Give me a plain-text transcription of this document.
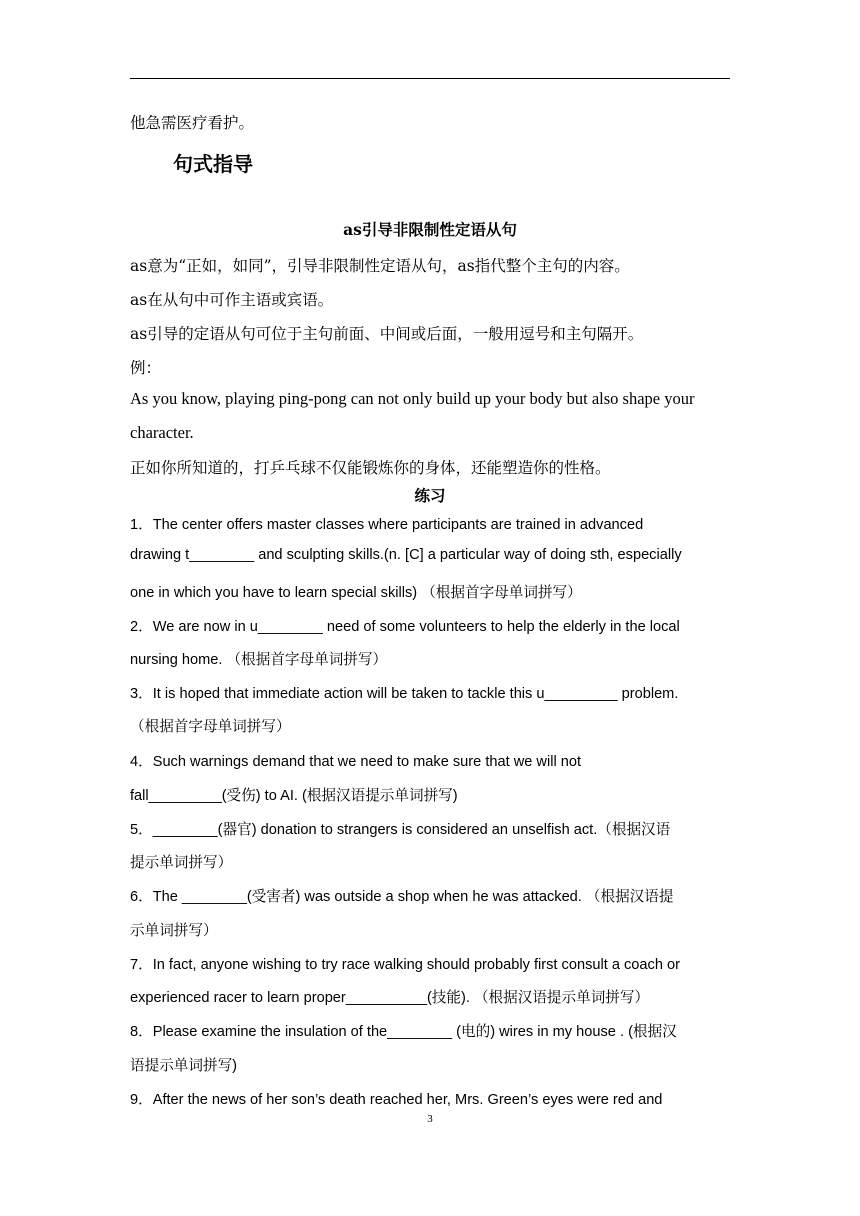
他急需医疗看护。
句式指导
as引导非限制性定语从句
as意为“正如，如同”，引导非限制性定语从句，as指代整个主句的内容。
as在从句中可作主语或宾语。
as引导的定语从句可位于主句前面、中间或后面，一般用逗号和主句隔开。
例：
As you know, playing ping-pong can not only build up your body but also shape your
character.
正如你所知道的，打乒乓球不仅能锻炼你的身体，还能塑造你的性格。
练习
1．The center offers master classes where participants are trained in advanced
drawing t________ and sculpting skills.(n. [C] a particular way of doing sth, especially
one in which you have to learn special skills) （根据首字母单词拼写）
2．We are now in u________ need of some volunteers to help the elderly in the local
nursing home. （根据首字母单词拼写）
3．It is hoped that immediate action will be taken to tackle this u_________ problem.
（根据首字母单词拼写）
4．Such warnings demand that we need to make sure that we will not
fall_________(受伤) to AI. (根据汉语提示单词拼写)
5．________(器官) donation to strangers is considered an unselfish act.（根据汉语
提示单词拼写）
6．The ________(受害者) was outside a shop when he was attacked. （根据汉语提
示单词拼写）
7．In fact, anyone wishing to try race walking should probably first consult a coach or
experienced racer to learn proper__________(技能). （根据汉语提示单词拼写）
8．Please examine the insulation of the________ (电的) wires in my house . (根据汉
语提示单词拼写)
9．After the news of her son’s death reached her, Mrs. Green’s eyes were red and
3
